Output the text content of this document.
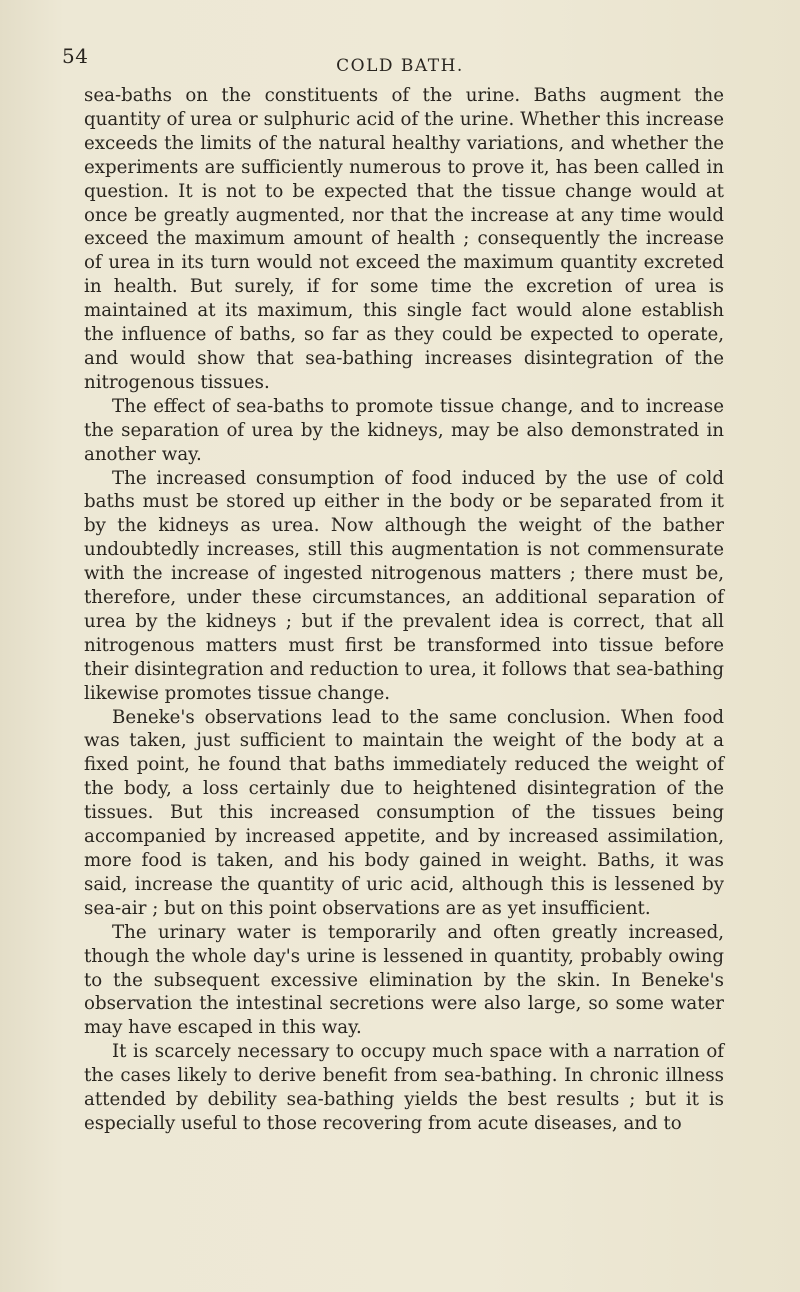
54	COLD BATH.

sea-baths on the constituents of the urine. Baths augment the quantity of urea or sulphuric acid of the urine. Whether this increase exceeds the limits of the natural healthy variations, and whether the experiments are sufficiently numerous to prove it, has been called in question. It is not to be expected that the tissue change would at once be greatly augmented, nor that the increase at any time would exceed the maximum amount of health ; consequently the increase of urea in its turn would not exceed the maximum quantity excreted in health. But surely, if for some time the excretion of urea is maintained at its maximum, this single fact would alone establish the influence of baths, so far as they could be expected to operate, and would show that sea-bathing increases disintegration of the nitrogenous tissues.

The effect of sea-baths to promote tissue change, and to increase the separation of urea by the kidneys, may be also demonstrated in another way.

The increased consumption of food induced by the use of cold baths must be stored up either in the body or be separated from it by the kidneys as urea. Now although the weight of the bather undoubtedly increases, still this augmentation is not commensurate with the increase of ingested nitrogenous matters ; there must be, therefore, under these circumstances, an additional separation of urea by the kidneys ; but if the prevalent idea is correct, that all nitrogenous matters must first be transformed into tissue before their disintegration and reduction to urea, it follows that sea-bathing likewise promotes tissue change.

Beneke's observations lead to the same conclusion. When food was taken, just sufficient to maintain the weight of the body at a fixed point, he found that baths immediately reduced the weight of the body, a loss certainly due to heightened disintegration of the tissues. But this increased consumption of the tissues being accompanied by increased appetite, and by increased assimilation, more food is taken, and his body gained in weight. Baths, it was said, increase the quantity of uric acid, although this is lessened by sea-air ; but on this point observations are as yet insufficient.

The urinary water is temporarily and often greatly increased, though the whole day's urine is lessened in quantity, probably owing to the subsequent excessive elimination by the skin. In Beneke's observation the intestinal secretions were also large, so some water may have escaped in this way.

It is scarcely necessary to occupy much space with a narration of the cases likely to derive benefit from sea-bathing. In chronic illness attended by debility sea-bathing yields the best results ; but it is especially useful to those recovering from acute diseases, and to
